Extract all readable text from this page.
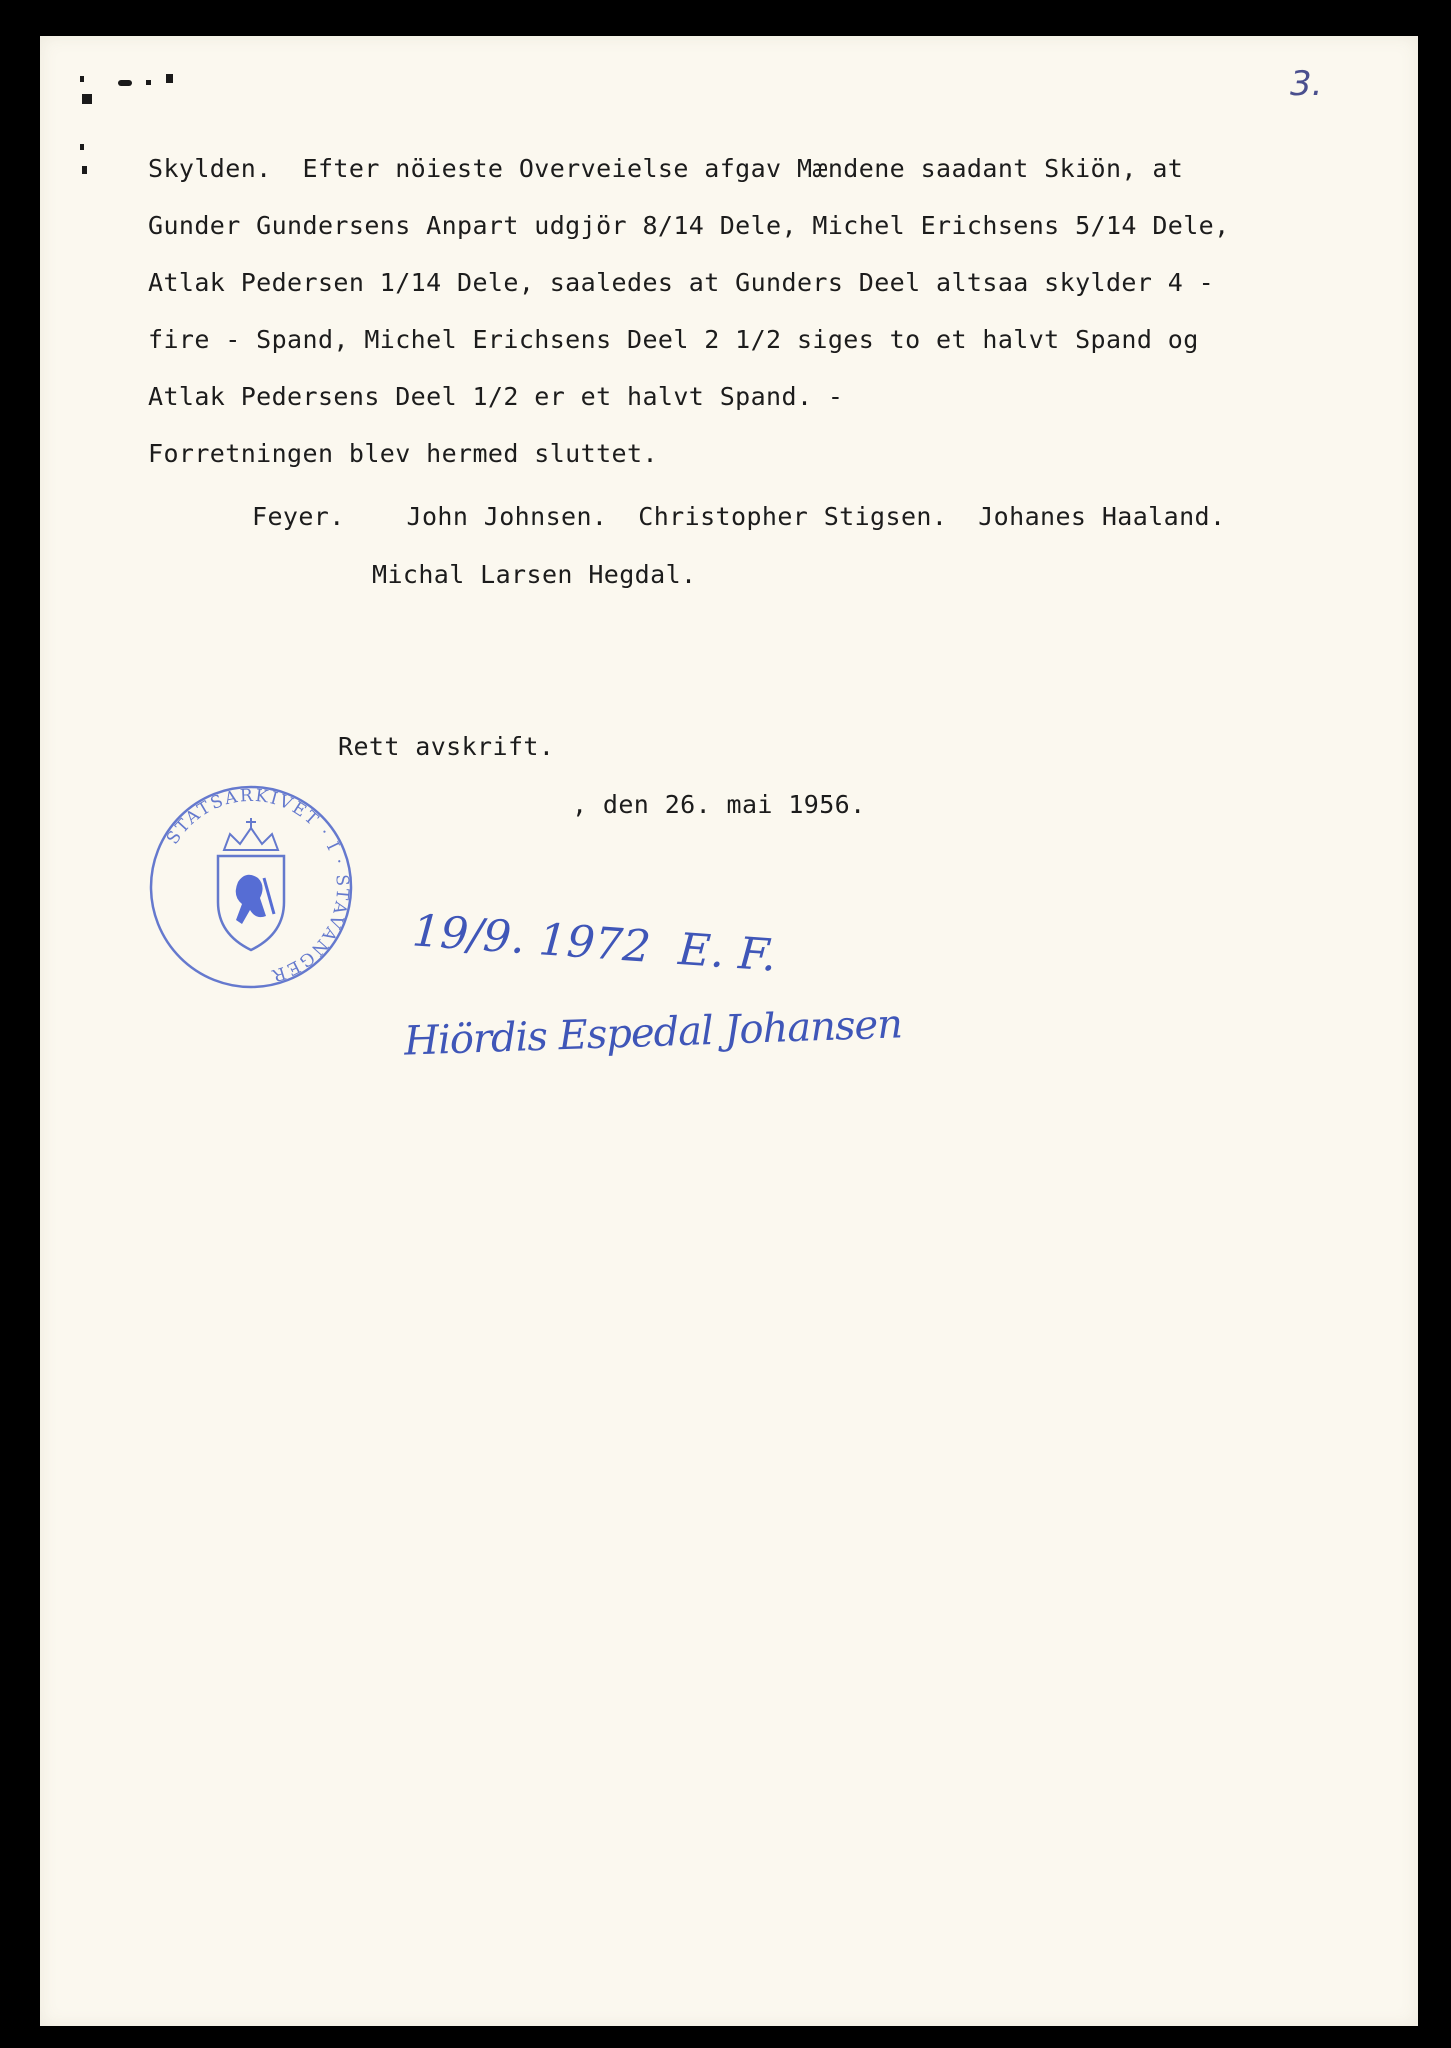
3.
Skylden.  Efter nöieste Overveielse afgav Mændene saadant Skiön, at
Gunder Gundersens Anpart udgjör 8/14 Dele, Michel Erichsens 5/14 Dele,
Atlak Pedersen 1/14 Dele, saaledes at Gunders Deel altsaa skylder 4 -
fire - Spand, Michel Erichsens Deel 2 1/2 siges to et halvt Spand og
Atlak Pedersens Deel 1/2 er et halvt Spand. -
Forretningen blev hermed sluttet.
Feyer.    John Johnsen.  Christopher Stigsen.  Johanes Haaland.
Michal Larsen Hegdal.
Rett avskrift.
, den 26. mai 1956.
STATSARKIVET · I · STAVANGER	19/9. 1972  E. F.
Hiördis Espedal Johansen
